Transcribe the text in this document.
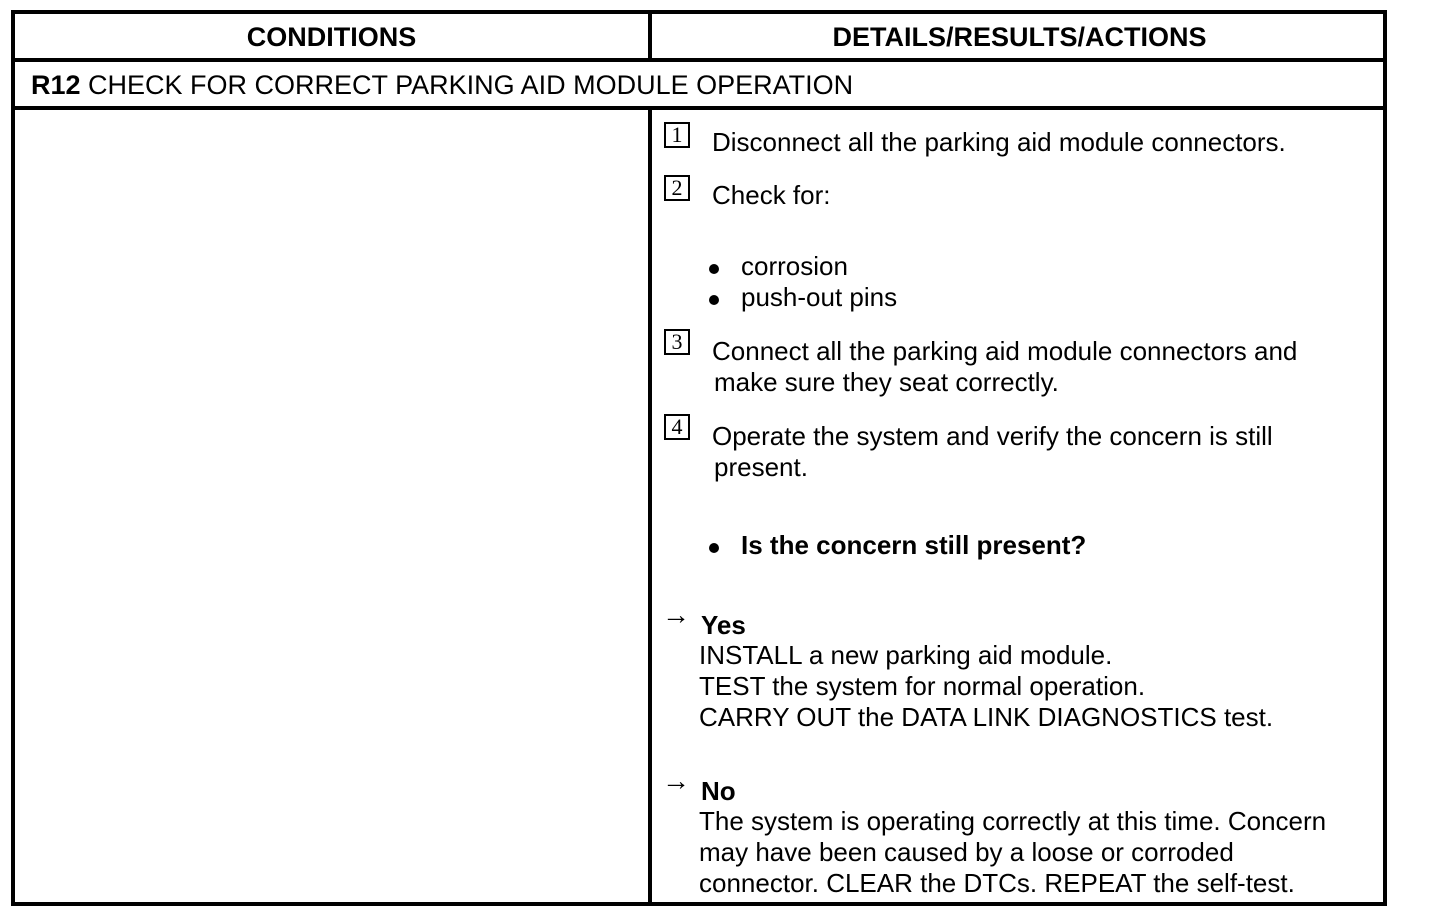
CONDITIONS	DETAILS/RESULTS/ACTIONS
R12 CHECK FOR CORRECT PARKING AID MODULE OPERATION
1 Disconnect all the parking aid module connectors.
2 Check for:
corrosion
push-out pins
3 Connect all the parking aid module connectors and
make sure they seat correctly.
4 Operate the system and verify the concern is still
present.
Is the concern still present?
→ Yes
INSTALL a new parking aid module.
TEST the system for normal operation.
CARRY OUT the DATA LINK DIAGNOSTICS test.
→ No
The system is operating correctly at this time. Concern
may have been caused by a loose or corroded
connector. CLEAR the DTCs. REPEAT the self-test.
